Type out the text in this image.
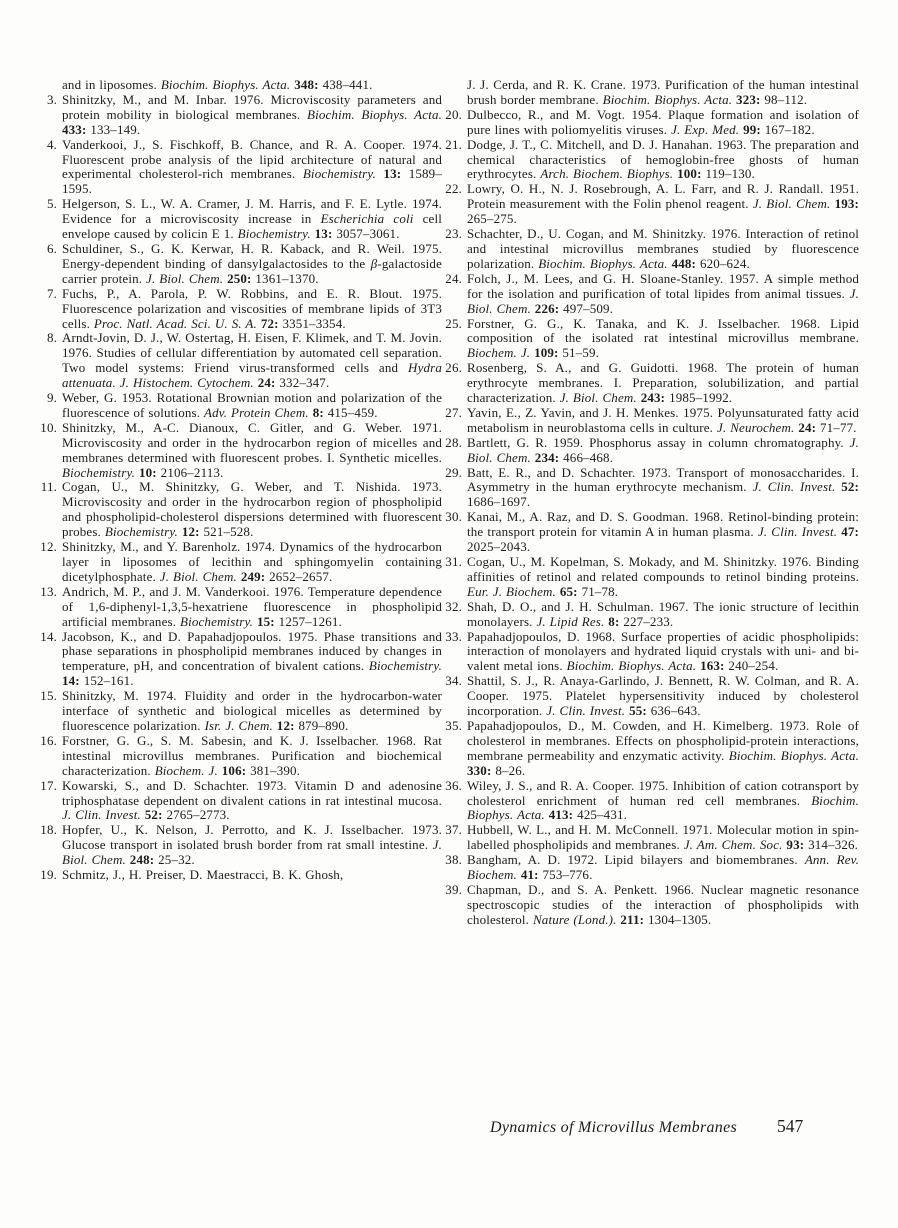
and in liposomes. Biochim. Biophys. Acta. 348: 438–441.
3. Shinitzky, M., and M. Inbar. 1976. Microviscosity parameters and protein mobility in biological membranes. Biochim. Biophys. Acta. 433: 133–149.
4. Vanderkooi, J., S. Fischkoff, B. Chance, and R. A. Cooper. 1974. Fluorescent probe analysis of the lipid architecture of natural and experimental cholesterol-rich membranes. Biochemistry. 13: 1589–1595.
5. Helgerson, S. L., W. A. Cramer, J. M. Harris, and F. E. Lytle. 1974. Evidence for a microviscosity increase in Escherichia coli cell envelope caused by colicin E 1. Biochemistry. 13: 3057–3061.
6. Schuldiner, S., G. K. Kerwar, H. R. Kaback, and R. Weil. 1975. Energy-dependent binding of dansylgalactosides to the β-galactoside carrier protein. J. Biol. Chem. 250: 1361–1370.
7. Fuchs, P., A. Parola, P. W. Robbins, and E. R. Blout. 1975. Fluorescence polarization and viscosities of membrane lipids of 3T3 cells. Proc. Natl. Acad. Sci. U. S. A. 72: 3351–3354.
8. Arndt-Jovin, D. J., W. Ostertag, H. Eisen, F. Klimek, and T. M. Jovin. 1976. Studies of cellular differentiation by automated cell separation. Two model systems: Friend virus-transformed cells and Hydra attenuata. J. Histochem. Cytochem. 24: 332–347.
9. Weber, G. 1953. Rotational Brownian motion and polarization of the fluorescence of solutions. Adv. Protein Chem. 8: 415–459.
10. Shinitzky, M., A-C. Dianoux, C. Gitler, and G. Weber. 1971. Microviscosity and order in the hydrocarbon region of micelles and membranes determined with fluorescent probes. I. Synthetic micelles. Biochemistry. 10: 2106–2113.
11. Cogan, U., M. Shinitzky, G. Weber, and T. Nishida. 1973. Microviscosity and order in the hydrocarbon region of phospholipid and phospholipid-cholesterol dispersions determined with fluorescent probes. Biochemistry. 12: 521–528.
12. Shinitzky, M., and Y. Barenholz. 1974. Dynamics of the hydrocarbon layer in liposomes of lecithin and sphingomyelin containing dicetylphosphate. J. Biol. Chem. 249: 2652–2657.
13. Andrich, M. P., and J. M. Vanderkooi. 1976. Temperature dependence of 1,6-diphenyl-1,3,5-hexatriene fluorescence in phospholipid artificial membranes. Biochemistry. 15: 1257–1261.
14. Jacobson, K., and D. Papahadjopoulos. 1975. Phase transitions and phase separations in phospholipid membranes induced by changes in temperature, pH, and concentration of bivalent cations. Biochemistry. 14: 152–161.
15. Shinitzky, M. 1974. Fluidity and order in the hydrocarbon-water interface of synthetic and biological micelles as determined by fluorescence polarization. Isr. J. Chem. 12: 879–890.
16. Forstner, G. G., S. M. Sabesin, and K. J. Isselbacher. 1968. Rat intestinal microvillus membranes. Purification and biochemical characterization. Biochem. J. 106: 381–390.
17. Kowarski, S., and D. Schachter. 1973. Vitamin D and adenosine triphosphatase dependent on divalent cations in rat intestinal mucosa. J. Clin. Invest. 52: 2765–2773.
18. Hopfer, U., K. Nelson, J. Perrotto, and K. J. Isselbacher. 1973. Glucose transport in isolated brush border from rat small intestine. J. Biol. Chem. 248: 25–32.
19. Schmitz, J., H. Preiser, D. Maestracci, B. K. Ghosh,
J. J. Cerda, and R. K. Crane. 1973. Purification of the human intestinal brush border membrane. Biochim. Biophys. Acta. 323: 98–112.
20. Dulbecco, R., and M. Vogt. 1954. Plaque formation and isolation of pure lines with poliomyelitis viruses. J. Exp. Med. 99: 167–182.
21. Dodge, J. T., C. Mitchell, and D. J. Hanahan. 1963. The preparation and chemical characteristics of hemoglobin-free ghosts of human erythrocytes. Arch. Biochem. Biophys. 100: 119–130.
22. Lowry, O. H., N. J. Rosebrough, A. L. Farr, and R. J. Randall. 1951. Protein measurement with the Folin phenol reagent. J. Biol. Chem. 193: 265–275.
23. Schachter, D., U. Cogan, and M. Shinitzky. 1976. Interaction of retinol and intestinal microvillus membranes studied by fluorescence polarization. Biochim. Biophys. Acta. 448: 620–624.
24. Folch, J., M. Lees, and G. H. Sloane-Stanley. 1957. A simple method for the isolation and purification of total lipides from animal tissues. J. Biol. Chem. 226: 497–509.
25. Forstner, G. G., K. Tanaka, and K. J. Isselbacher. 1968. Lipid composition of the isolated rat intestinal microvillus membrane. Biochem. J. 109: 51–59.
26. Rosenberg, S. A., and G. Guidotti. 1968. The protein of human erythrocyte membranes. I. Preparation, solubilization, and partial characterization. J. Biol. Chem. 243: 1985–1992.
27. Yavin, E., Z. Yavin, and J. H. Menkes. 1975. Polyunsaturated fatty acid metabolism in neuroblastoma cells in culture. J. Neurochem. 24: 71–77.
28. Bartlett, G. R. 1959. Phosphorus assay in column chromatography. J. Biol. Chem. 234: 466–468.
29. Batt, E. R., and D. Schachter. 1973. Transport of monosaccharides. I. Asymmetry in the human erythrocyte mechanism. J. Clin. Invest. 52: 1686–1697.
30. Kanai, M., A. Raz, and D. S. Goodman. 1968. Retinol-binding protein: the transport protein for vitamin A in human plasma. J. Clin. Invest. 47: 2025–2043.
31. Cogan, U., M. Kopelman, S. Mokady, and M. Shinitzky. 1976. Binding affinities of retinol and related compounds to retinol binding proteins. Eur. J. Biochem. 65: 71–78.
32. Shah, D. O., and J. H. Schulman. 1967. The ionic structure of lecithin monolayers. J. Lipid Res. 8: 227–233.
33. Papahadjopoulos, D. 1968. Surface properties of acidic phospholipids: interaction of monolayers and hydrated liquid crystals with uni- and bi-valent metal ions. Biochim. Biophys. Acta. 163: 240–254.
34. Shattil, S. J., R. Anaya-Garlindo, J. Bennett, R. W. Colman, and R. A. Cooper. 1975. Platelet hypersensitivity induced by cholesterol incorporation. J. Clin. Invest. 55: 636–643.
35. Papahadjopoulos, D., M. Cowden, and H. Kimelberg. 1973. Role of cholesterol in membranes. Effects on phospholipid-protein interactions, membrane permeability and enzymatic activity. Biochim. Biophys. Acta. 330: 8–26.
36. Wiley, J. S., and R. A. Cooper. 1975. Inhibition of cation cotransport by cholesterol enrichment of human red cell membranes. Biochim. Biophys. Acta. 413: 425–431.
37. Hubbell, W. L., and H. M. McConnell. 1971. Molecular motion in spin-labelled phospholipids and membranes. J. Am. Chem. Soc. 93: 314–326.
38. Bangham, A. D. 1972. Lipid bilayers and biomembranes. Ann. Rev. Biochem. 41: 753–776.
39. Chapman, D., and S. A. Penkett. 1966. Nuclear magnetic resonance spectroscopic studies of the interaction of phospholipids with cholesterol. Nature (Lond.). 211: 1304–1305.
Dynamics of Microvillus Membranes 547
